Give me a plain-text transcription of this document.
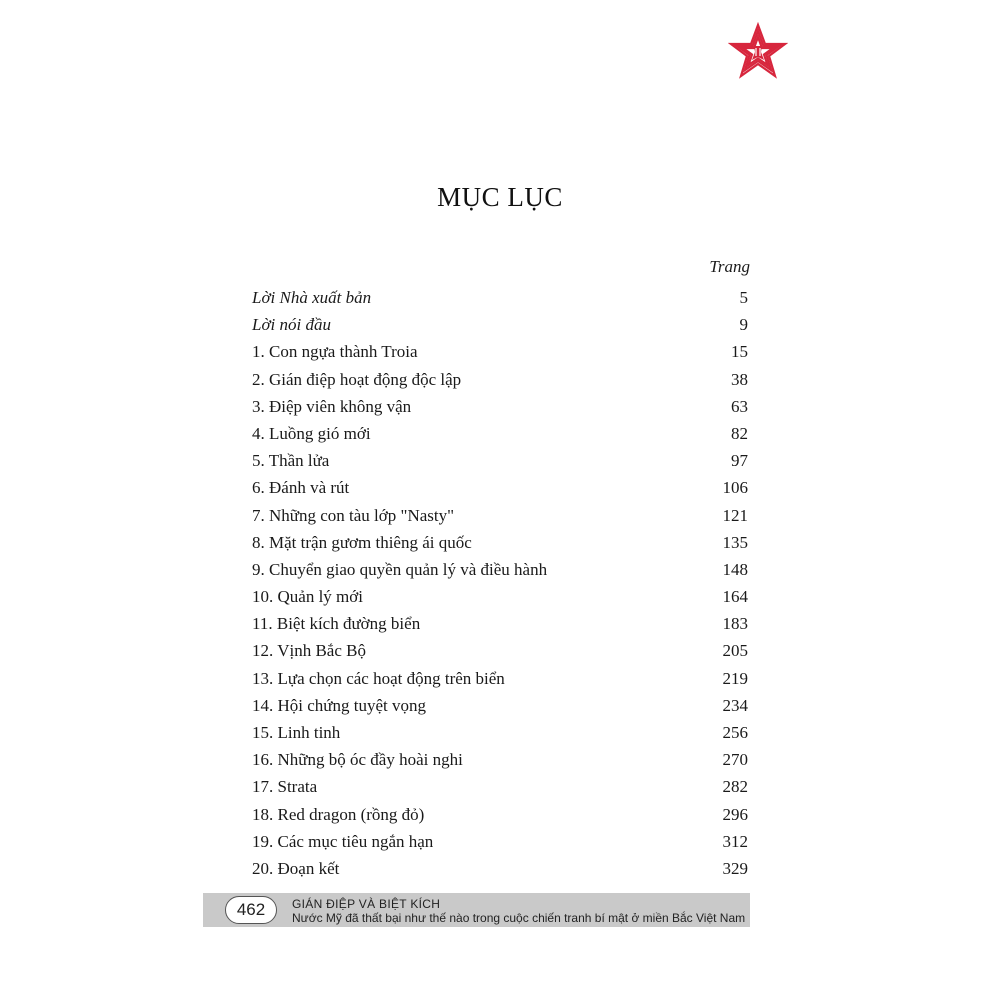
MỤC LỤC
Trang
Lời Nhà xuất bản	5
Lời nói đầu	9
1. Con ngựa thành Troia	15
2. Gián điệp hoạt động độc lập	38
3. Điệp viên không vận	63
4. Luồng gió mới	82
5. Thần lửa	97
6. Đánh và rút	106
7. Những con tàu lớp "Nasty"	121
8. Mặt trận gươm thiêng ái quốc	135
9. Chuyển giao quyền quản lý và điều hành	148
10. Quản lý mới	164
11. Biệt kích đường biển	183
12. Vịnh Bắc Bộ	205
13. Lựa chọn các hoạt động trên biển	219
14. Hội chứng tuyệt vọng	234
15. Linh tinh	256
16. Những bộ óc đầy hoài nghi	270
17. Strata	282
18. Red dragon (rồng đỏ)	296
19. Các mục tiêu ngắn hạn	312
20. Đoạn kết	329
462	GIÁN ĐIỆP VÀ BIỆT KÍCH
Nước Mỹ đã thất bại như thế nào trong cuộc chiến tranh bí mật ở miền Bắc Việt Nam
